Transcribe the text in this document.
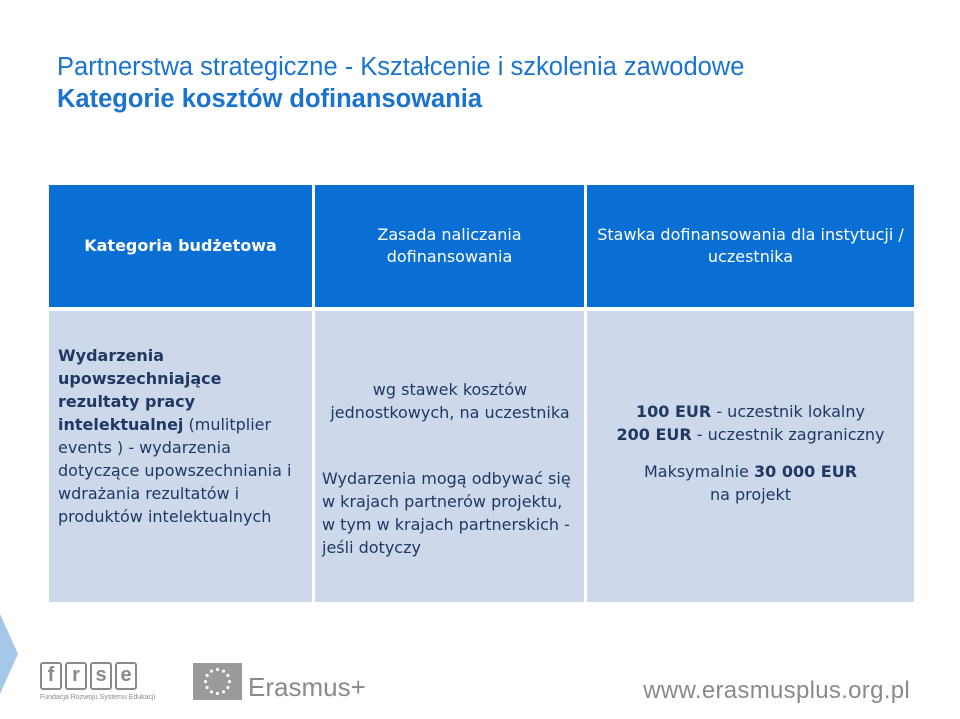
Partnerstwa strategiczne - Kształcenie i szkolenia zawodowe
Kategorie kosztów dofinansowania
Kategoria budżetowa
Zasada naliczania dofinansowania
Stawka dofinansowania dla instytucji / uczestnika
Wydarzenia upowszechniające rezultaty pracy intelektualnej (mulitplier events ) - wydarzenia dotyczące upowszechniania i wdrażania rezultatów i produktów intelektualnych
wg stawek kosztów jednostkowych, na uczestnika
Wydarzenia mogą odbywać się w krajach partnerów projektu, w tym w krajach partnerskich - jeśli dotyczy
100 EUR - uczestnik lokalny
200 EUR - uczestnik zagraniczny
Maksymalnie 30 000 EUR
na projekt
f r s e
Fundacja Rozwoju Systemu Edukacji	Erasmus+	www.erasmusplus.org.pl
